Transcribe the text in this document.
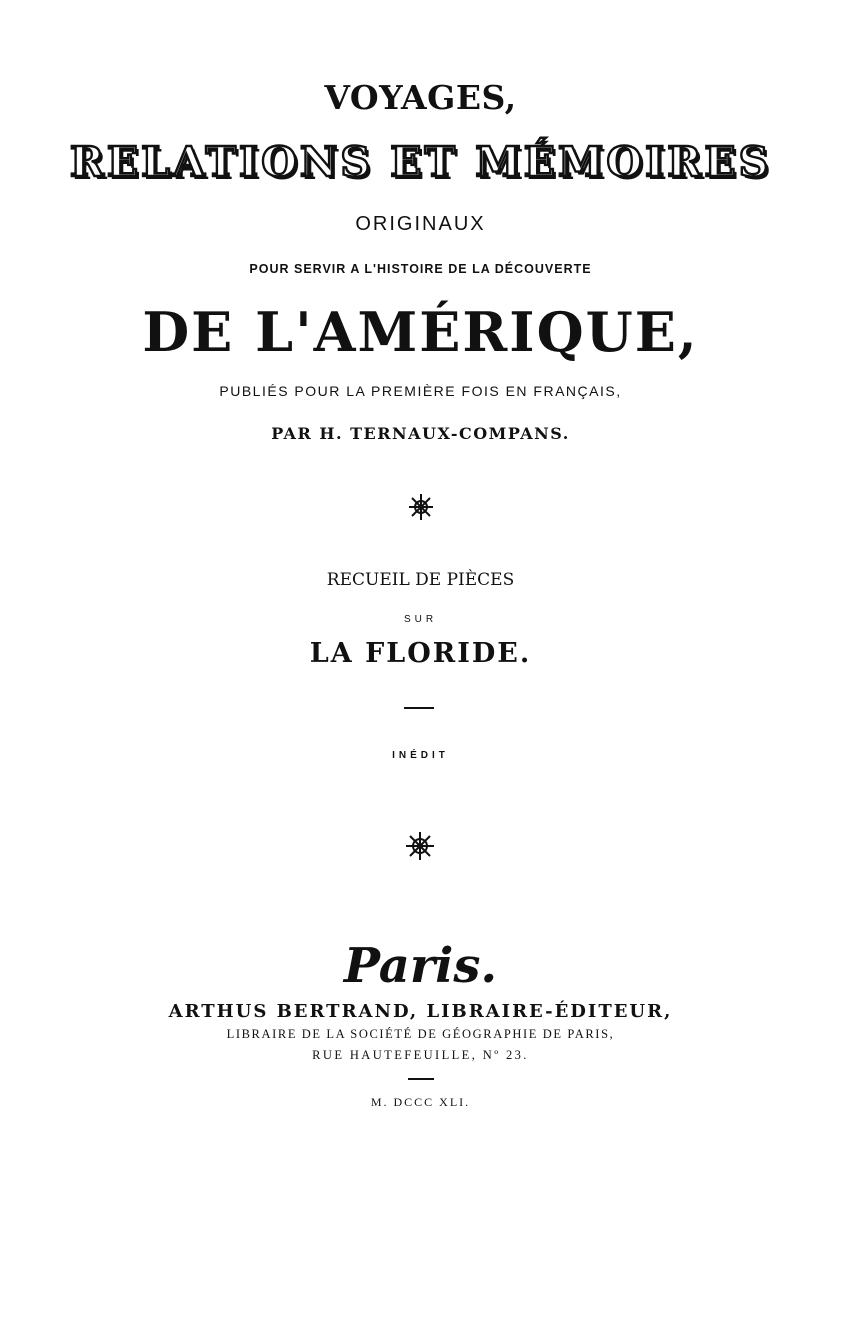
VOYAGES,
RELATIONS ET MÉMOIRES
ORIGINAUX
POUR SERVIR A L'HISTOIRE DE LA DÉCOUVERTE
DE L'AMÉRIQUE,
PUBLIÉS POUR LA PREMIÈRE FOIS EN FRANÇAIS,
PAR H. TERNAUX-COMPANS.
RECUEIL DE PIÈCES
SUR
LA FLORIDE.
INÉDIT
Paris.
ARTHUS BERTRAND, LIBRAIRE-ÉDITEUR,
LIBRAIRE DE LA SOCIÉTÉ DE GÉOGRAPHIE DE PARIS,
RUE HAUTEFEUILLE, Nº 23.
M. DCCC XLI.
